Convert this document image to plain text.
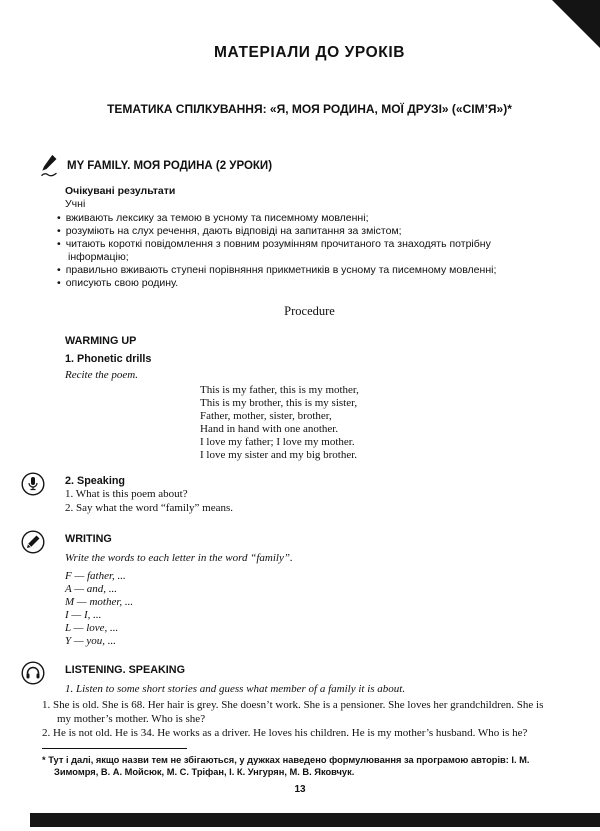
МАТЕРІАЛИ ДО УРОКІВ
ТЕМАТИКА СПІЛКУВАННЯ: «Я, МОЯ РОДИНА, МОЇ ДРУЗІ» («СІМ’Я»)*
MY FAMILY. МОЯ РОДИНА (2 УРОКИ)

Очікувані результати

Учні

• вживають лексику за темою в усному та писемному мовленні;
• розуміють на слух речення, дають відповіді на запитання за змістом;
• читають короткі повідомлення з повним розумінням прочитаного та знаходять потрібну інформацію;
• правильно вживають ступені порівняння прикметників в усному та писемному мовленні;
• описують свою родину.

Procedure

WARMING UP

1. Phonetic drills

Recite the poem.

This is my father, this is my mother,

This is my brother, this is my sister,

Father, mother, sister, brother,

Hand in hand with one another.

I love my father; I love my mother.

I love my sister and my big brother.

2. Speaking

1. What is this poem about?

2. Say what the word “family” means.

WRITING

Write the words to each letter in the word “family”.

F — father, ...

A — and, ...

M — mother, ...

I — I, ...

L — love, ...

Y — you, ...

LISTENING. SPEAKING

1. Listen to some short stories and guess what member of a family it is about.

1. She is old. She is 68. Her hair is grey. She doesn’t work. She is a pensioner. She loves her grandchildren. She is my mother’s mother. Who is she?

2. He is not old. He is 34. He works as a driver. He loves his children. He is my mother’s husband. Who is he?

* Тут і далі, якщо назви тем не збігаються, у дужках наведено формулювання за програмою авторів: І. М. Зимомря, В. А. Мойсюк, М. С. Тріфан, І. К. Унгурян, М. В. Яковчук.

13
